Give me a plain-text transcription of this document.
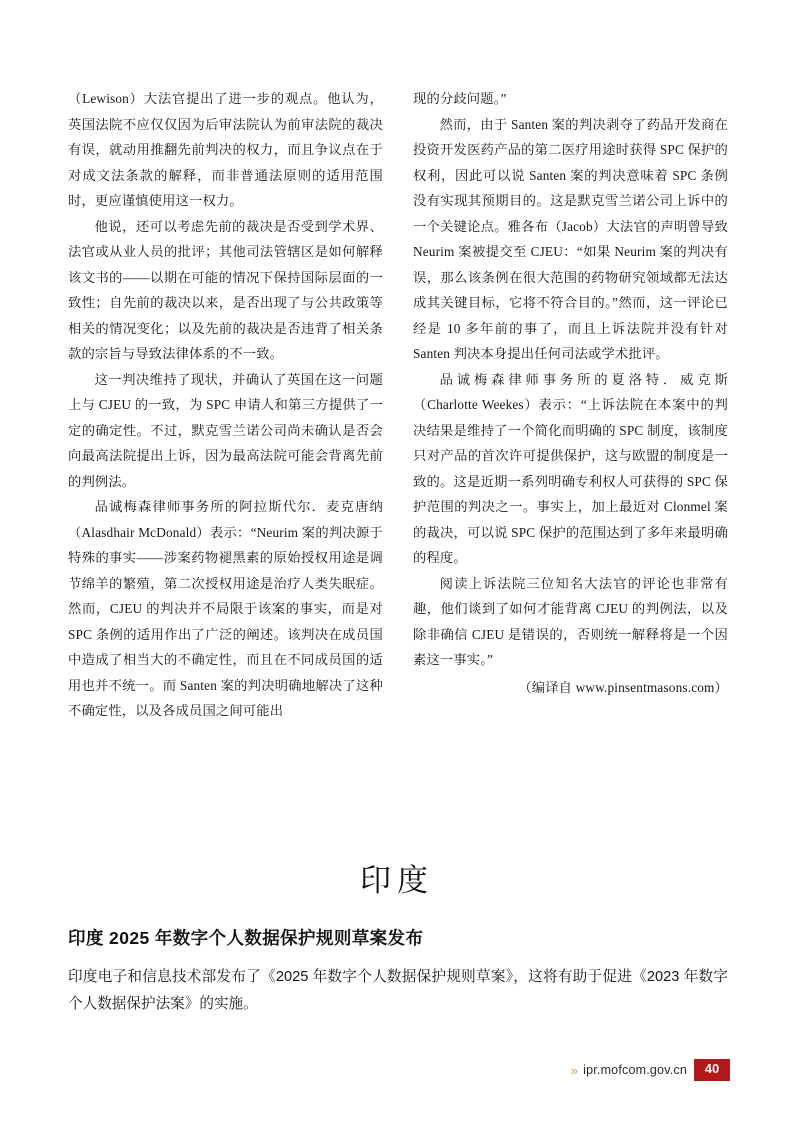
（Lewison）大法官提出了进一步的观点。他认为，英国法院不应仅仅因为后审法院认为前审法院的裁决有误，就动用推翻先前判决的权力，而且争议点在于对成文法条款的解释，而非普通法原则的适用范围时，更应谨慎使用这一权力。

他说，还可以考虑先前的裁决是否受到学术界、法官或从业人员的批评；其他司法管辖区是如何解释该文书的——以期在可能的情况下保持国际层面的一致性；自先前的裁决以来，是否出现了与公共政策等相关的情况变化；以及先前的裁决是否违背了相关条款的宗旨与导致法律体系的不一致。

这一判决维持了现状，并确认了英国在这一问题上与 CJEU 的一致，为 SPC 申请人和第三方提供了一定的确定性。不过，默克雪兰诺公司尚未确认是否会向最高法院提出上诉，因为最高法院可能会背离先前的判例法。

品诚梅森律师事务所的阿拉斯代尔．麦克唐纳（Alasdhair McDonald）表示：“Neurim 案的判决源于特殊的事实——涉案药物褪黑素的原始授权用途是调节绵羊的繁殖，第二次授权用途是治疗人类失眠症。然而，CJEU 的判决并不局限于该案的事实，而是对 SPC 条例的适用作出了广泛的阐述。该判决在成员国中造成了相当大的不确定性，而且在不同成员国的适用也并不统一。而 Santen 案的判决明确地解决了这种不确定性，以及各成员国之间可能出

现的分歧问题。”

然而，由于 Santen 案的判决剥夺了药品开发商在投资开发医药产品的第二医疗用途时获得 SPC 保护的权利，因此可以说 Santen 案的判决意味着 SPC 条例没有实现其预期目的。这是默克雪兰诺公司上诉中的一个关键论点。雅各布（Jacob）大法官的声明曾导致 Neurim 案被提交至 CJEU：“如果 Neurim 案的判决有误，那么该条例在很大范围的药物研究领域都无法达成其关键目标，它将不符合目的。”然而，这一评论已经是 10 多年前的事了，而且上诉法院并没有针对 Santen 判决本身提出任何司法或学术批评。

品诚梅森律师事务所的夏洛特．威克斯（Charlotte Weekes）表示：“上诉法院在本案中的判决结果是维持了一个简化而明确的 SPC 制度，该制度只对产品的首次许可提供保护，这与欧盟的制度是一致的。这是近期一系列明确专利权人可获得的 SPC 保护范围的判决之一。事实上，加上最近对 Clonmel 案的裁决，可以说 SPC 保护的范围达到了多年来最明确的程度。

阅读上诉法院三位知名大法官的评论也非常有趣，他们谈到了如何才能背离 CJEU 的判例法，以及除非确信 CJEU 是错误的，否则统一解释将是一个因素这一事实。”

（编译自 www.pinsentmasons.com）

印度
印度 2025 年数字个人数据保护规则草案发布

印度电子和信息技术部发布了《2025 年数字个人数据保护规则草案》，这将有助于促进《2023 年数字个人数据保护法案》的实施。

» ipr.mofcom.gov.cn	40
